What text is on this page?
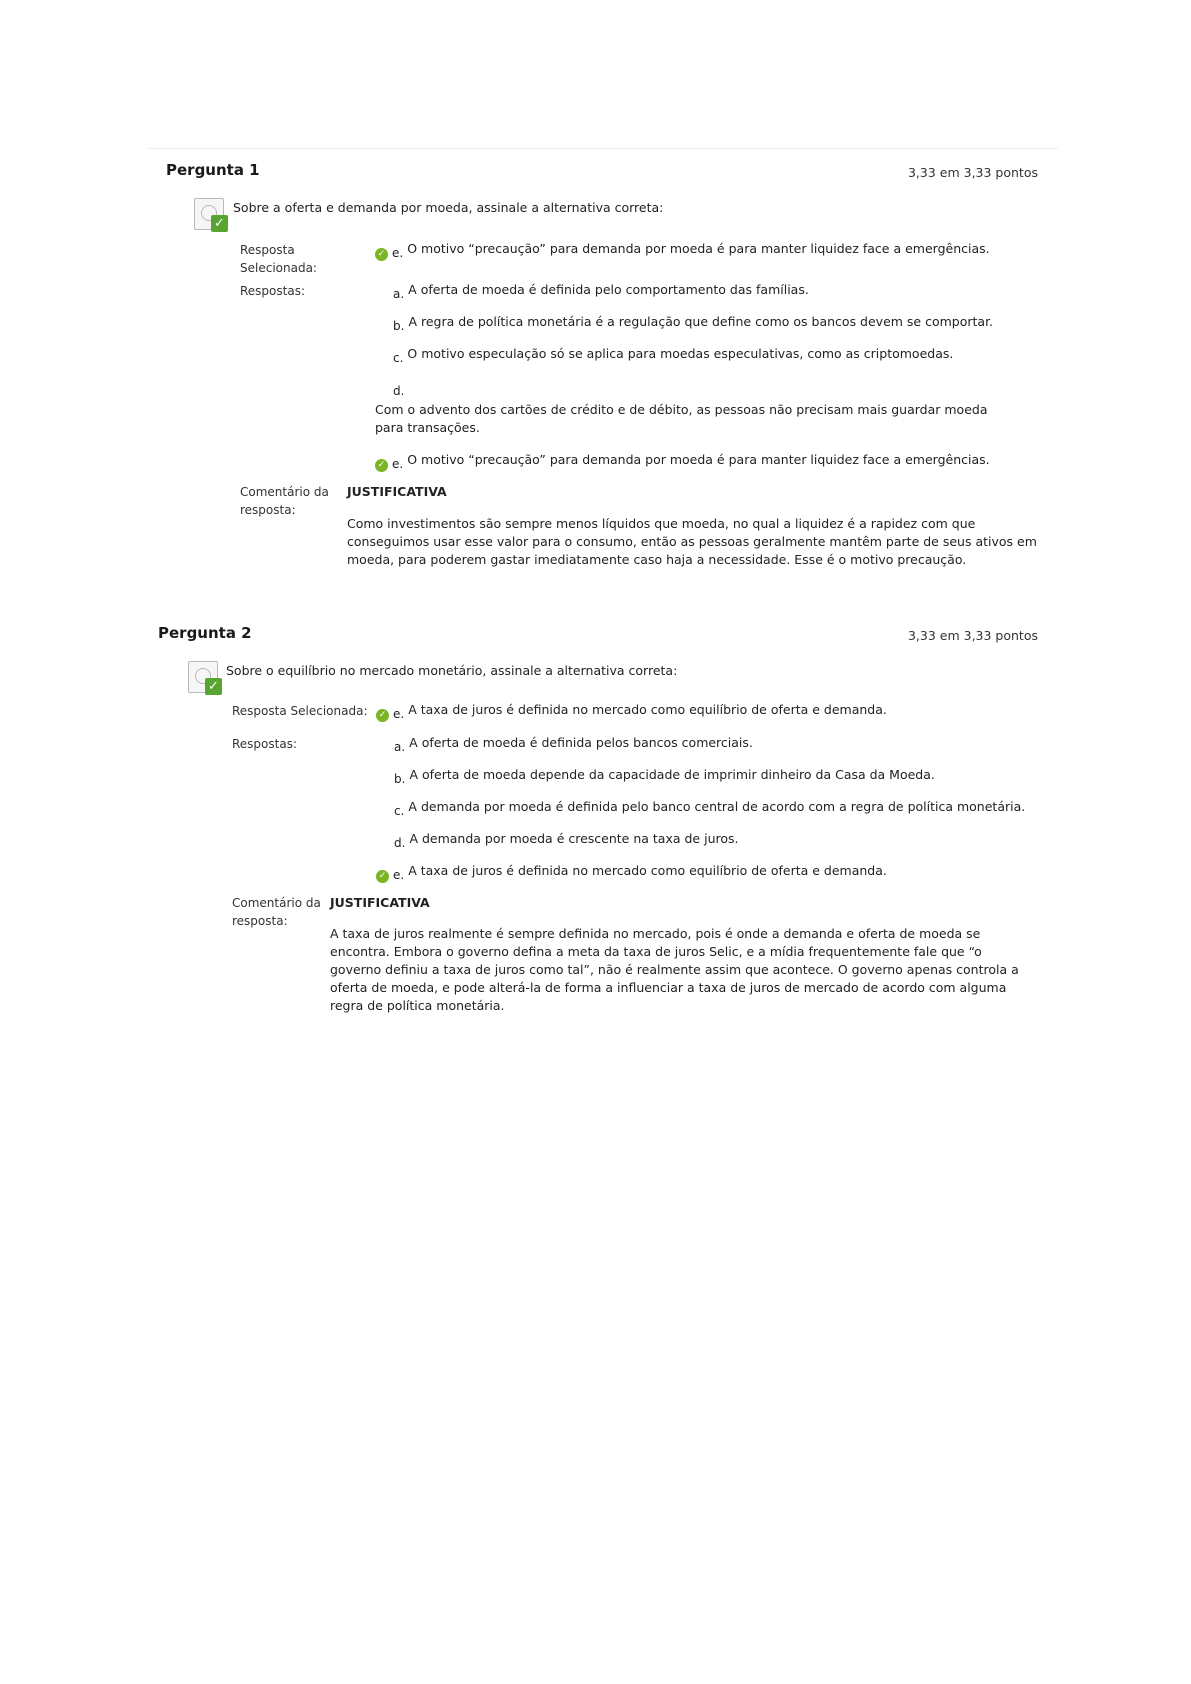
Pergunta 1	3,33 em 3,33 pontos
✓
Sobre a oferta e demanda por moeda, assinale a alternativa correta:
Resposta Selecionada:
✓ e. O motivo “precaução” para demanda por moeda é para manter liquidez face a emergências.
Respostas:	a. A oferta de moeda é definida pelo comportamento das famílias.
b. A regra de política monetária é a regulação que define como os bancos devem se comportar.
c. O motivo especulação só se aplica para moedas especulativas, como as criptomoedas.
d.
Com o advento dos cartões de crédito e de débito, as pessoas não precisam mais guardar moeda para transações.
✓ e. O motivo “precaução” para demanda por moeda é para manter liquidez face a emergências.
Comentário da resposta:
JUSTIFICATIVA
Como investimentos são sempre menos líquidos que moeda, no qual a liquidez é a rapidez com que conseguimos usar esse valor para o consumo, então as pessoas geralmente mantêm parte de seus ativos em moeda, para poderem gastar imediatamente caso haja a necessidade. Esse é o motivo precaução.
Pergunta 2	3,33 em 3,33 pontos
✓
Sobre o equilíbrio no mercado monetário, assinale a alternativa correta:
Resposta Selecionada:	✓ e. A taxa de juros é definida no mercado como equilíbrio de oferta e demanda.
Respostas:	a. A oferta de moeda é definida pelos bancos comerciais.
b. A oferta de moeda depende da capacidade de imprimir dinheiro da Casa da Moeda.
c. A demanda por moeda é definida pelo banco central de acordo com a regra de política monetária.
d. A demanda por moeda é crescente na taxa de juros.
✓ e. A taxa de juros é definida no mercado como equilíbrio de oferta e demanda.
Comentário da resposta:
JUSTIFICATIVA
A taxa de juros realmente é sempre definida no mercado, pois é onde a demanda e oferta de moeda se encontra. Embora o governo defina a meta da taxa de juros Selic, e a mídia frequentemente fale que “o governo definiu a taxa de juros como tal”, não é realmente assim que acontece. O governo apenas controla a oferta de moeda, e pode alterá-la de forma a influenciar a taxa de juros de mercado de acordo com alguma regra de política monetária.
